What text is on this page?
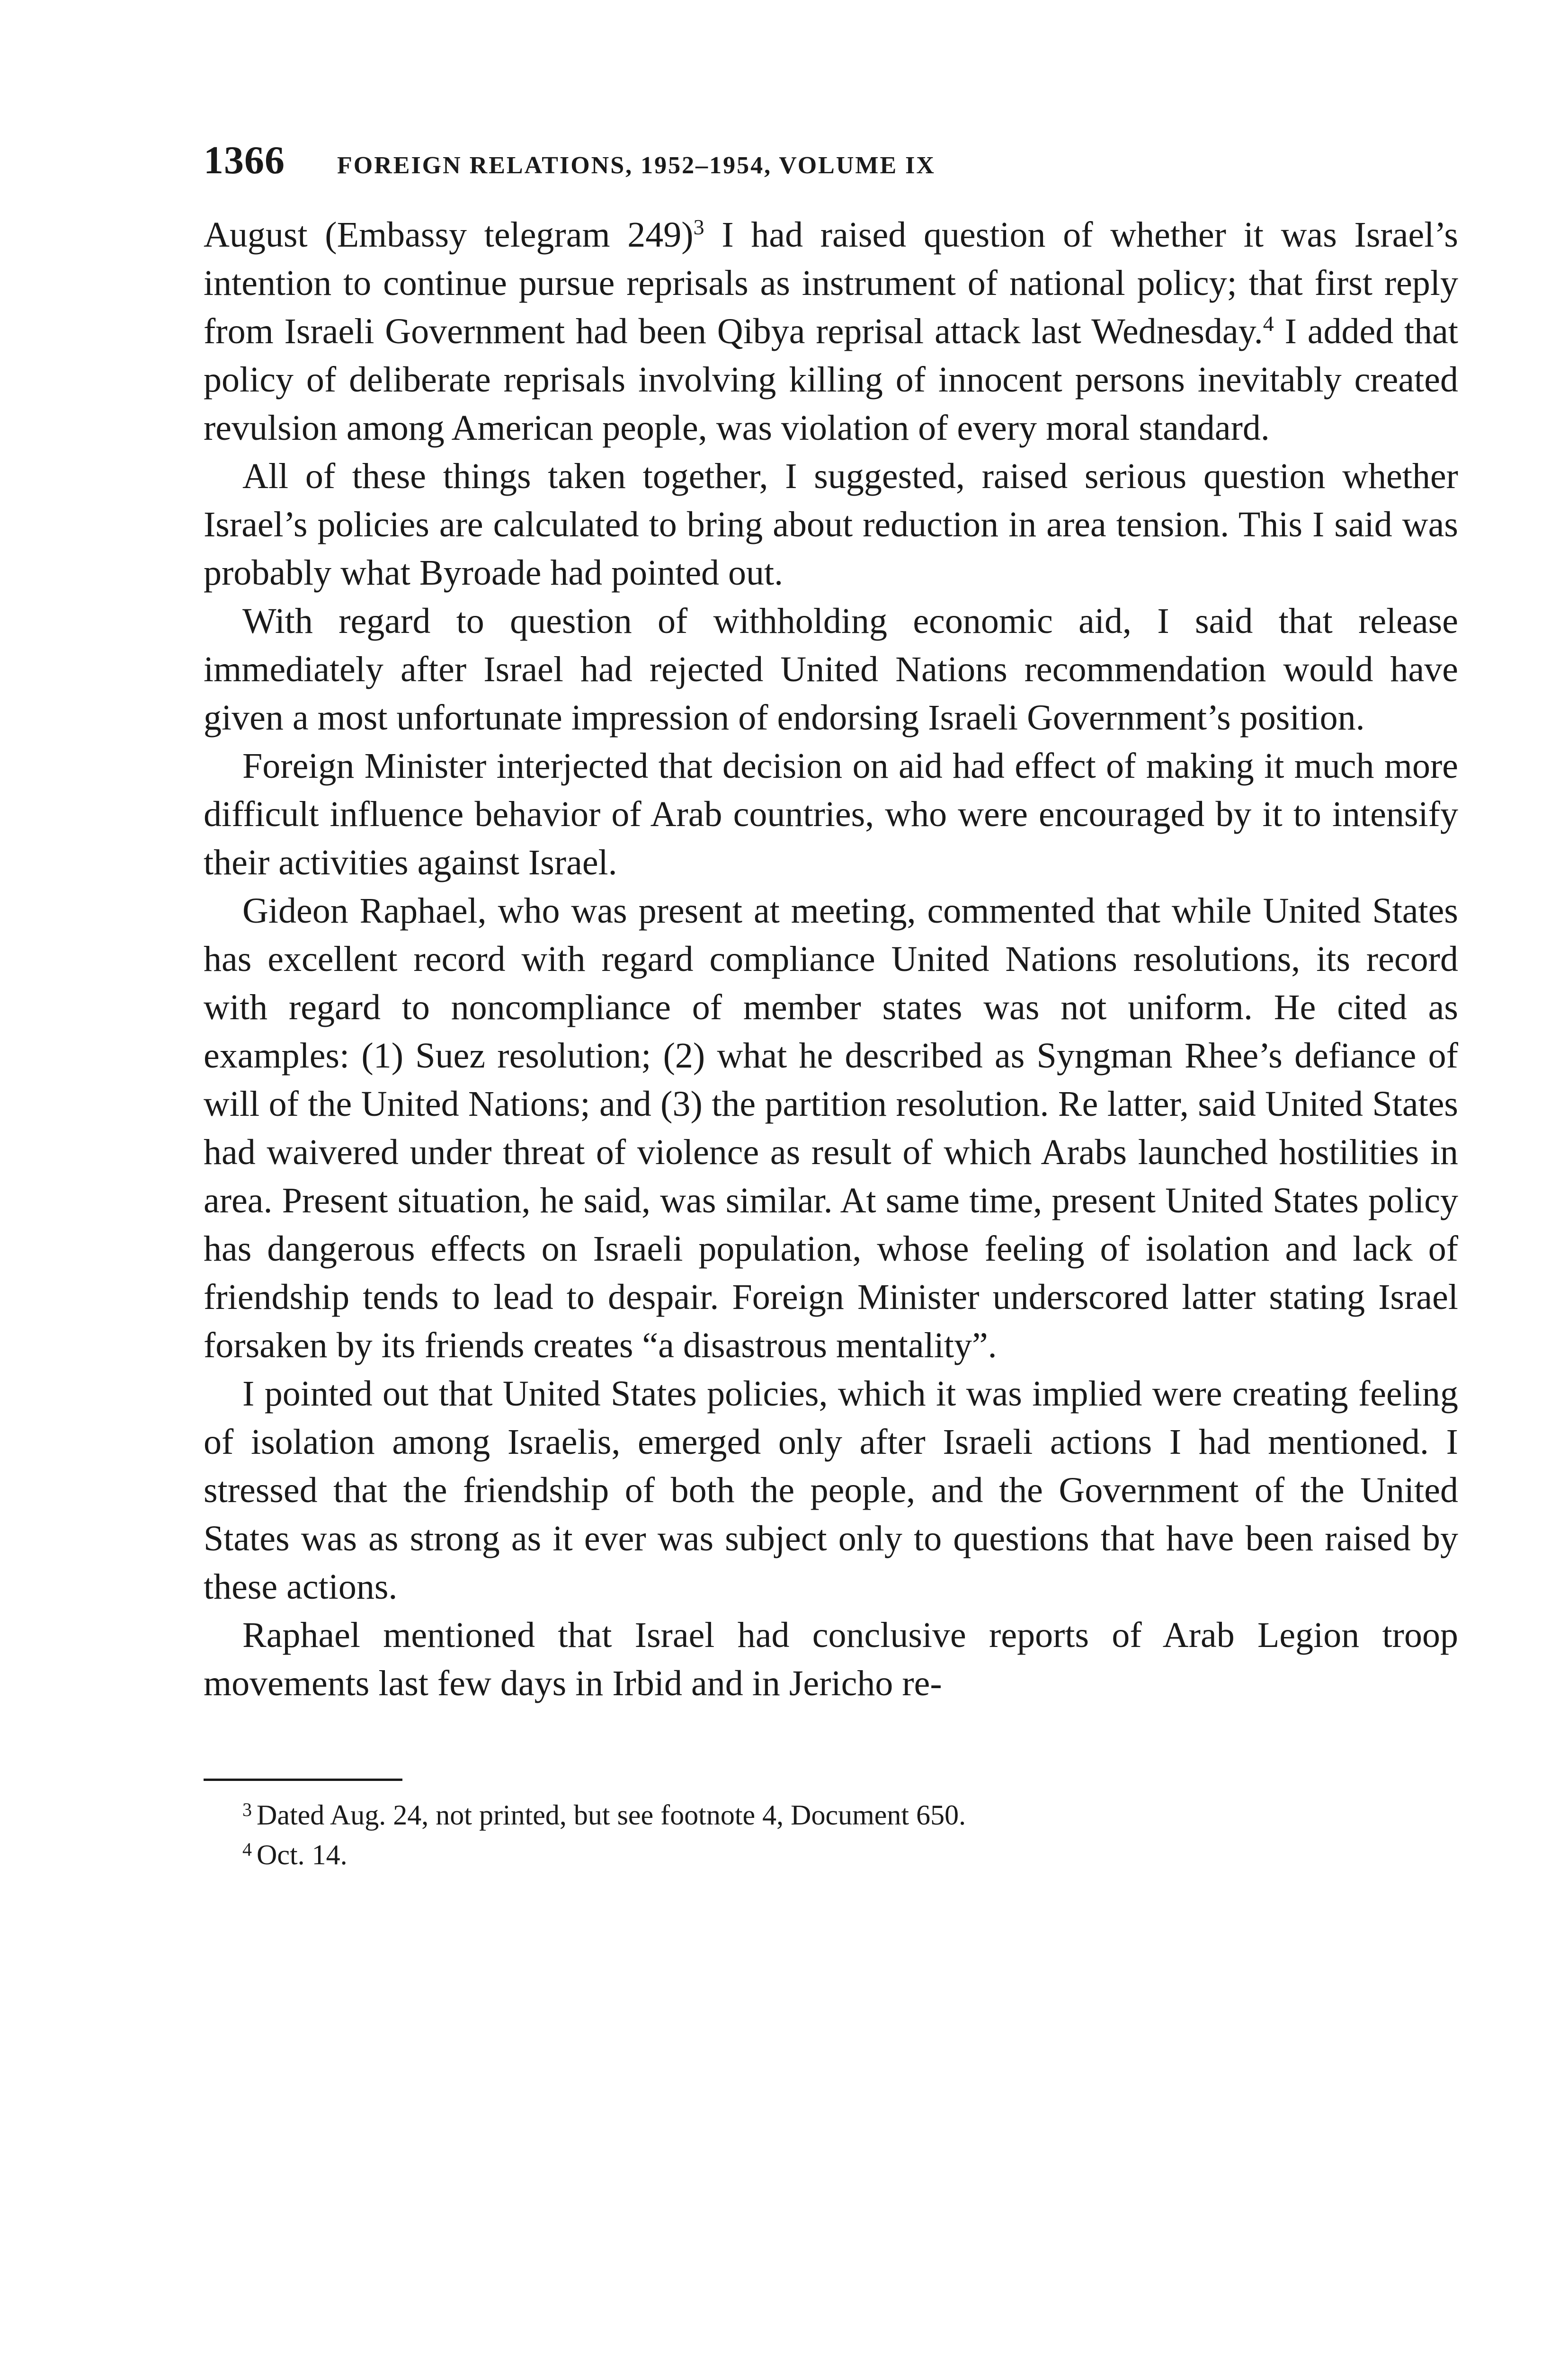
1366 FOREIGN RELATIONS, 1952–1954, VOLUME IX

August (Embassy telegram 249)$^3$ I had raised question of whether it was Israel’s intention to continue pursue reprisals as instrument of national policy; that first reply from Israeli Government had been Qibya reprisal attack last Wednesday.$^4$ I added that policy of deliberate reprisals involving killing of innocent persons inevitably created revulsion among American people, was violation of every moral standard.

All of these things taken together, I suggested, raised serious question whether Israel’s policies are calculated to bring about reduction in area tension. This I said was probably what Byroade had pointed out.

With regard to question of withholding economic aid, I said that release immediately after Israel had rejected United Nations recommendation would have given a most unfortunate impression of endorsing Israeli Government’s position.

Foreign Minister interjected that decision on aid had effect of making it much more difficult influence behavior of Arab countries, who were encouraged by it to intensify their activities against Israel.

Gideon Raphael, who was present at meeting, commented that while United States has excellent record with regard compliance United Nations resolutions, its record with regard to noncompliance of member states was not uniform. He cited as examples: (1) Suez resolution; (2) what he described as Syngman Rhee’s defiance of will of the United Nations; and (3) the partition resolution. Re latter, said United States had waivered under threat of violence as result of which Arabs launched hostilities in area. Present situation, he said, was similar. At same time, present United States policy has dangerous effects on Israeli population, whose feeling of isolation and lack of friendship tends to lead to despair. Foreign Minister underscored latter stating Israel forsaken by its friends creates “a disastrous mentality”.

I pointed out that United States policies, which it was implied were creating feeling of isolation among Israelis, emerged only after Israeli actions I had mentioned. I stressed that the friendship of both the people, and the Government of the United States was as strong as it ever was subject only to questions that have been raised by these actions.

Raphael mentioned that Israel had conclusive reports of Arab Legion troop movements last few days in Irbid and in Jericho re-

$^3$ Dated Aug. 24, not printed, but see footnote 4, Document 650.

$^4$ Oct. 14.
